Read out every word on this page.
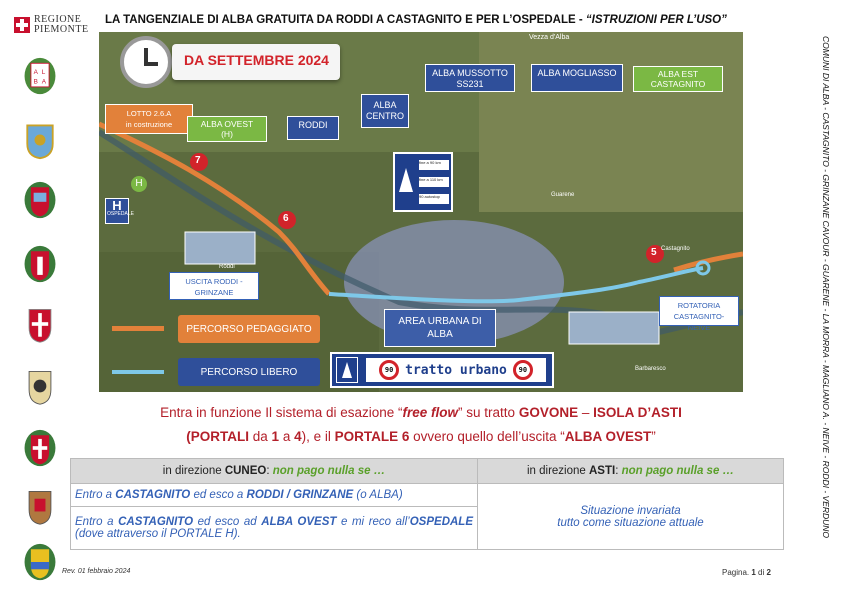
REGIONE
PIEMONTE
A L
B A
LA TANGENZIALE DI ALBA GRATUITA DA RODDI A CASTAGNITO E PER L’OSPEDALE - “ISTRUZIONI PER L’USO”
COMUNI DI ALBA - CASTAGNITO - GRINZANE CAVOUR - GUARENE - LA MORRA - MAGLIANO A. - NEIVE - RODDI - VERDUNO
LOTTO 2.6.A
in costruzione	ALBA OVEST
(H)
RODDI
ALBA CENTRO
ALBA MUSSOTTO SS231
ALBA MOGLIASSO	ALBA EST
CASTAGNITO
USCITA RODDI - GRINZANE
ROTATORIA CASTAGNITO-NEIVE
H
OSPEDALE
H
7
6
5
Vezza d'Alba
Guarene
Castagnito
Roddi
Barbaresco
fine a 90 km
fine a 110 km
90 autostop
DA SETTEMBRE 2024
PERCORSO PEDAGGIATO
PERCORSO LIBERO
AREA URBANA DI ALBA
90 tratto urbano	90
Entra in funzione Il sistema di esazione “free flow” su tratto GOVONE – ISOLA D’ASTI
(PORTALI da 1 a 4), e il PORTALE 6 ovvero quello dell’uscita “ALBA OVEST”
in direzione CUNEO: non pago nulla se …	in direzione ASTI: non pago nulla se …
Entro a CASTAGNITO ed esco a RODDI / GRINZANE (o ALBA)	Situazione invariata
tutto come situazione attuale

Entro a CASTAGNITO ed esco ad ALBA OVEST e mi reco all’OSPEDALE (dove attraverso il PORTALE H).	
Rev. 01 febbraio 2024	Pagina. 1 di 2
